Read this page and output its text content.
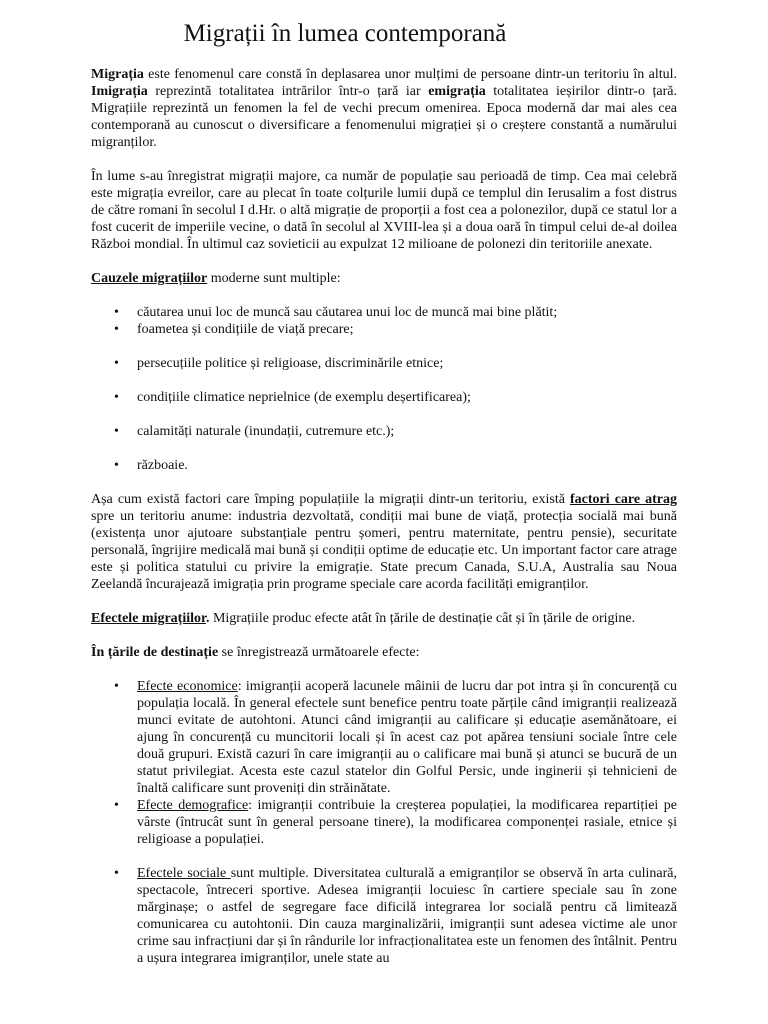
Migrații în lumea contemporană

Migrația este fenomenul care constă în deplasarea unor mulțimi de persoane dintr-un teritoriu în altul. Imigrația reprezintă totalitatea intrărilor într-o țară iar emigrația totalitatea ieșirilor dintr-o țară. Migrațiile reprezintă un fenomen la fel de vechi precum omenirea. Epoca modernă dar mai ales cea contemporană au cunoscut o diversificare a fenomenului migrației și o creștere constantă a numărului migranților.

În lume s-au înregistrat migrații majore, ca număr de populație sau perioadă de timp. Cea mai celebră este migrația evreilor, care au plecat în toate colțurile lumii după ce templul din Ierusalim a fost distrus de către romani în secolul I d.Hr. o altă migrație de proporții a fost cea a polonezilor, după ce statul lor a fost cucerit de imperiile vecine, o dată în secolul al XVIII-lea și a doua oară în timpul celui de-al doilea Război mondial. În ultimul caz sovieticii au expulzat 12 milioane de polonezi din teritoriile anexate.

Cauzele migrațiilor moderne sunt multiple:

• căutarea unui loc de muncă sau căutarea unui loc de muncă mai bine plătit;
• foametea și condițiile de viață precare;
• persecuțiile politice și religioase, discriminările etnice;
• condițiile climatice neprielnice (de exemplu deșertificarea);
• calamități naturale (inundații, cutremure etc.);
• războaie.

Așa cum există factori care împing populațiile la migrații dintr-un teritoriu, există factori care atrag spre un teritoriu anume: industria dezvoltată, condiții mai bune de viață, protecția socială mai bună (existența unor ajutoare substanțiale pentru șomeri, pentru maternitate, pentru pensie), securitate personală, îngrijire medicală mai bună și condiții optime de educație etc. Un important factor care atrage este și politica statului cu privire la emigrație. State precum Canada, S.U.A, Australia sau Noua Zeelandă încurajează imigrația prin programe speciale care acorda facilități emigranților.

Efectele migrațiilor. Migrațiile produc efecte atât în țările de destinație cât și în țările de origine.

În țările de destinație se înregistrează următoarele efecte:

• Efecte economice: imigranții acoperă lacunele mâinii de lucru dar pot intra și în concurență cu populația locală. În general efectele sunt benefice pentru toate părțile când imigranții realizează munci evitate de autohtoni. Atunci când imigranții au calificare și educație asemănătoare, ei ajung în concurență cu muncitorii locali și în acest caz pot apărea tensiuni sociale între cele două grupuri. Există cazuri în care imigranții au o calificare mai bună și atunci se bucură de un statut privilegiat. Acesta este cazul statelor din Golful Persic, unde inginerii și tehnicieni de înaltă calificare sunt proveniți din străinătate.
• Efecte demografice: imigranții contribuie la creșterea populației, la modificarea repartiției pe vârste (întrucât sunt în general persoane tinere), la modificarea componenței rasiale, etnice și religioase a populației.
• Efectele sociale sunt multiple. Diversitatea culturală a emigranților se observă în arta culinară, spectacole, întreceri sportive. Adesea imigranții locuiesc în cartiere speciale sau în zone mărginașe; o astfel de segregare face dificilă integrarea lor socială pentru că limitează comunicarea cu autohtonii. Din cauza marginalizării, imigranții sunt adesea victime ale unor crime sau infracțiuni dar și în rândurile lor infracționalitatea este un fenomen des întâlnit. Pentru a ușura integrarea imigranților, unele state au
